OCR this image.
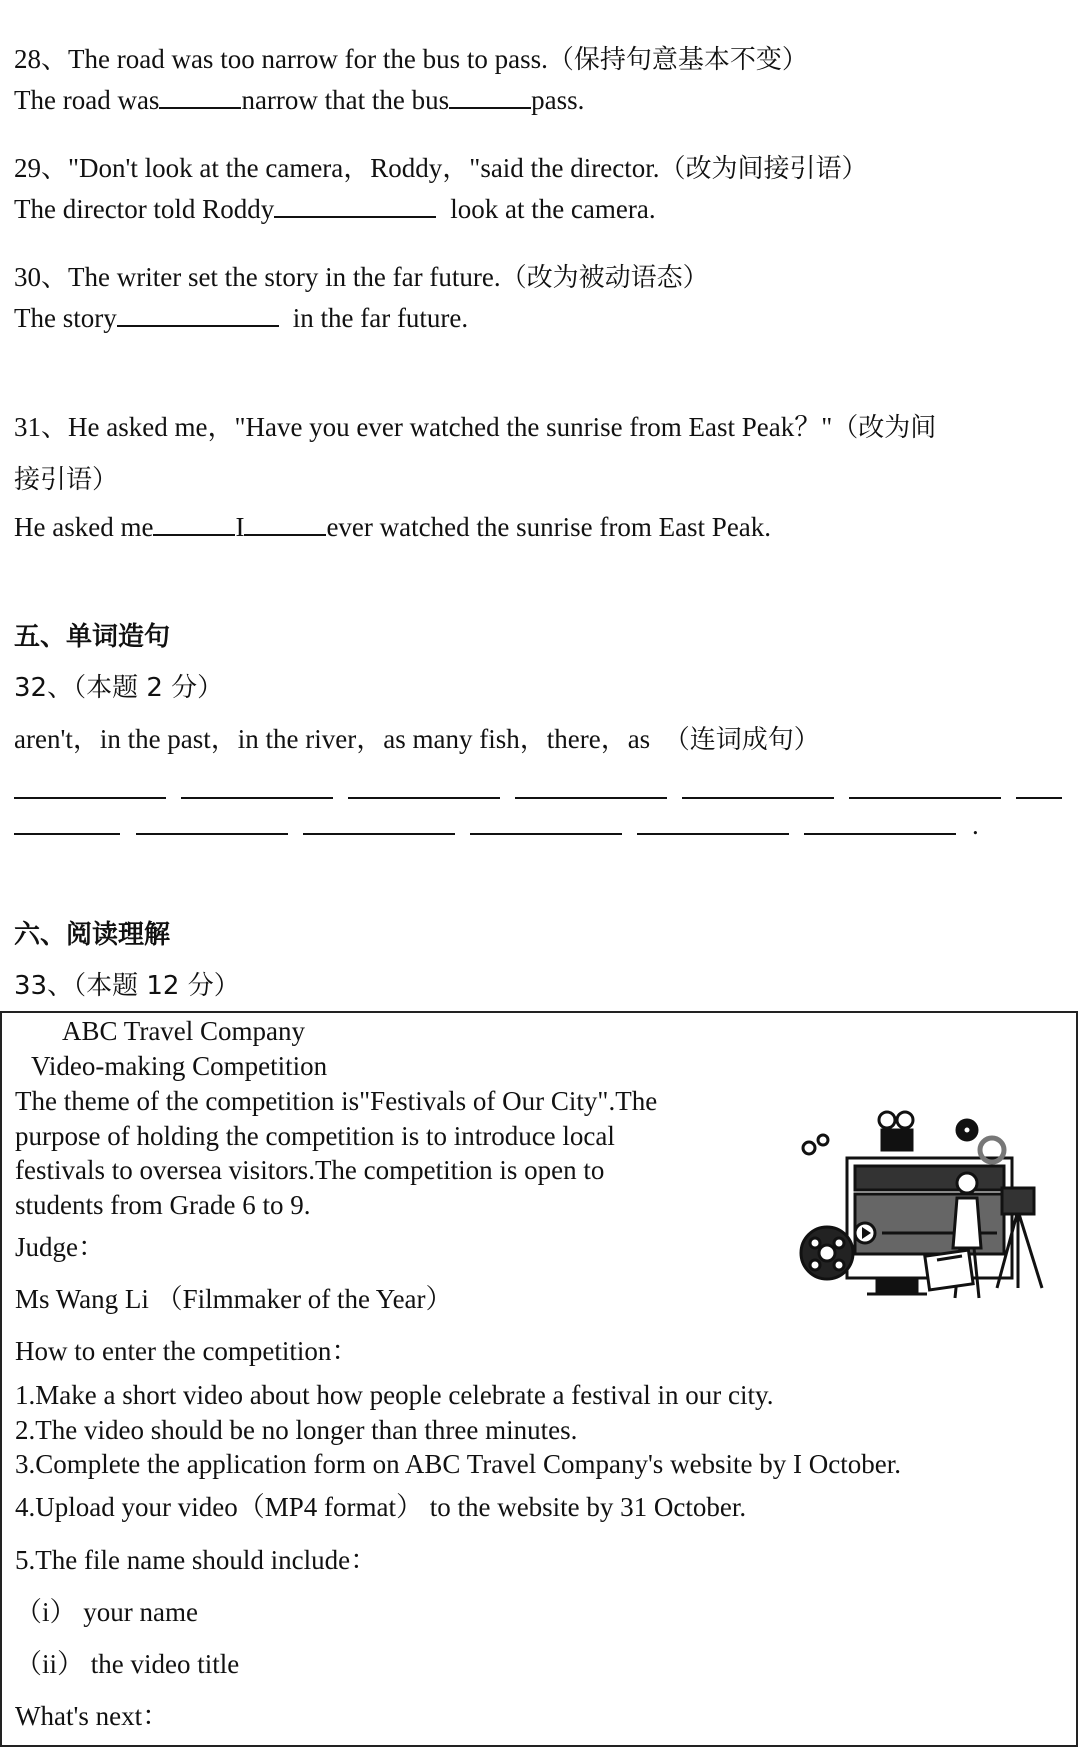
28、The road was too narrow for the bus to pass.（保持句意基本不变）
The road was	narrow that the bus	pass.
29、"Don't look at the camera，Roddy，"said the director.（改为间接引语）
The director told Roddy	look at the camera.
30、The writer set the story in the far future.（改为被动语态）
The story	in the far future.
31、He asked me，"Have you ever watched the sunrise from East Peak？"（改为间
接引语）
He asked me	I	ever watched the sunrise from East Peak.
五、单词造句
32、（本题 2 分）
aren't，in the past，in the river，as many fish，there，as （连词成句）
.
六、阅读理解
33、（本题 12 分）
ABC Travel Company
Video-making Competition
The theme of the competition is"Festivals of Our City".The
purpose of holding the competition is to introduce local
festivals to oversea visitors.The competition is open to
students from Grade 6 to 9.
Judge：
Ms Wang Li （Filmmaker of the Year）
How to enter the competition：
1.Make a short video about how people celebrate a festival in our city.
2.The video should be no longer than three minutes.
3.Complete the application form on ABC Travel Company's website by I October.
4.Upload your video（MP4 format） to the website by 31 October.
5.The file name should include：
（i） your name
（ii） the video title
What's next：
